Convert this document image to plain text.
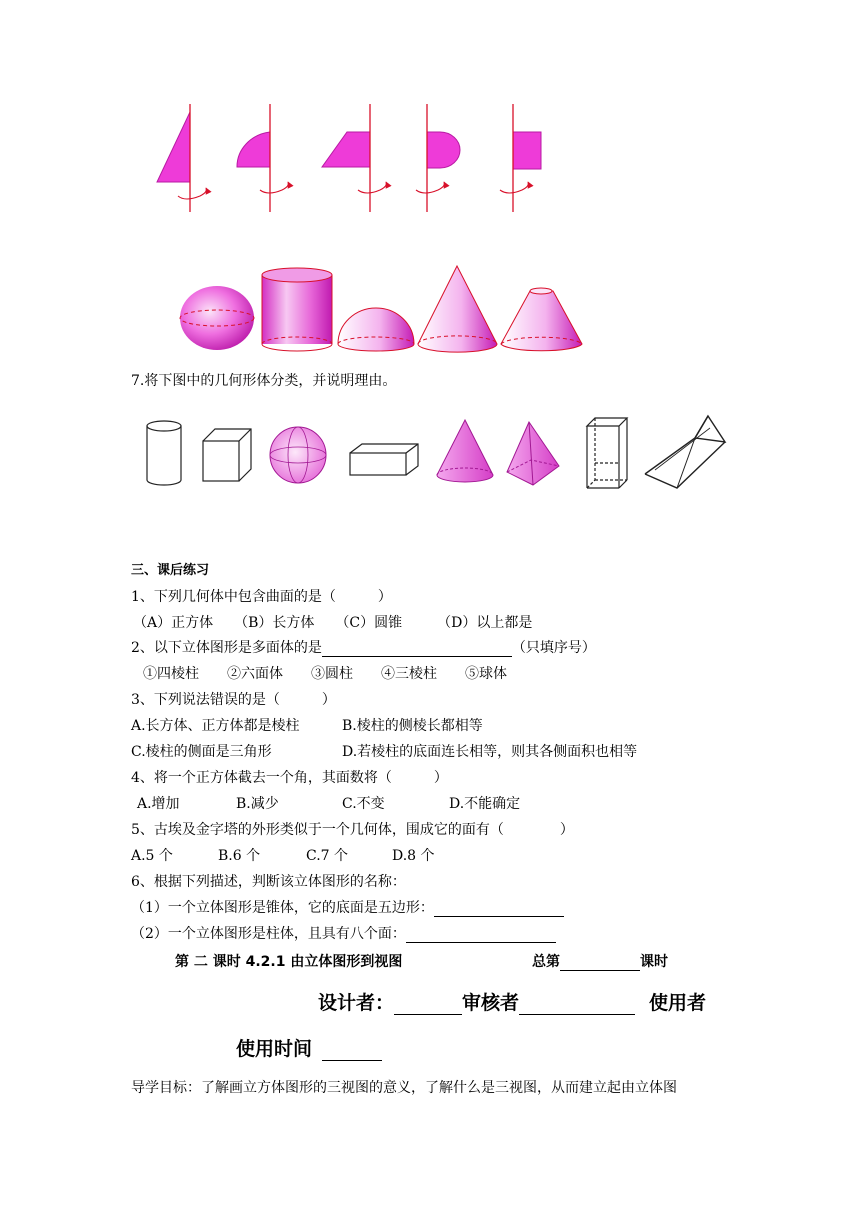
7.将下图中的几何形体分类，并说明理由。
三、课后练习
1、下列几何体中包含曲面的是（　　　）
（A）正方体　　（B）长方体　　（C）圆锥　　　（D）以上都是
2、以下立体图形是多面体的是	（只填序号）
①四棱柱　　②六面体　　③圆柱　　④三棱柱　　⑤球体
3、下列说法错误的是（　　　）
A.长方体、正方体都是棱柱	B.棱柱的侧棱长都相等
C.棱柱的侧面是三角形	D.若棱柱的底面连长相等，则其各侧面积也相等
4、将一个正方体截去一个角，其面数将（　　　）
A.增加	B.减少	C.不变	D.不能确定
5、古埃及金字塔的外形类似于一个几何体，围成它的面有（　　　　）
A.5 个	B.6 个	C.7 个	D.8 个
6、根据下列描述，判断该立体图形的名称：
（1）一个立体图形是锥体，它的底面是五边形：
（2）一个立体图形是柱体，且具有八个面：
第 二 课时 4.2.1 由立体图形到视图	总第	课时
设计者：	审核者	使用者
使用时间
导学目标：了解画立方体图形的三视图的意义，了解什么是三视图，从而建立起由立体图
